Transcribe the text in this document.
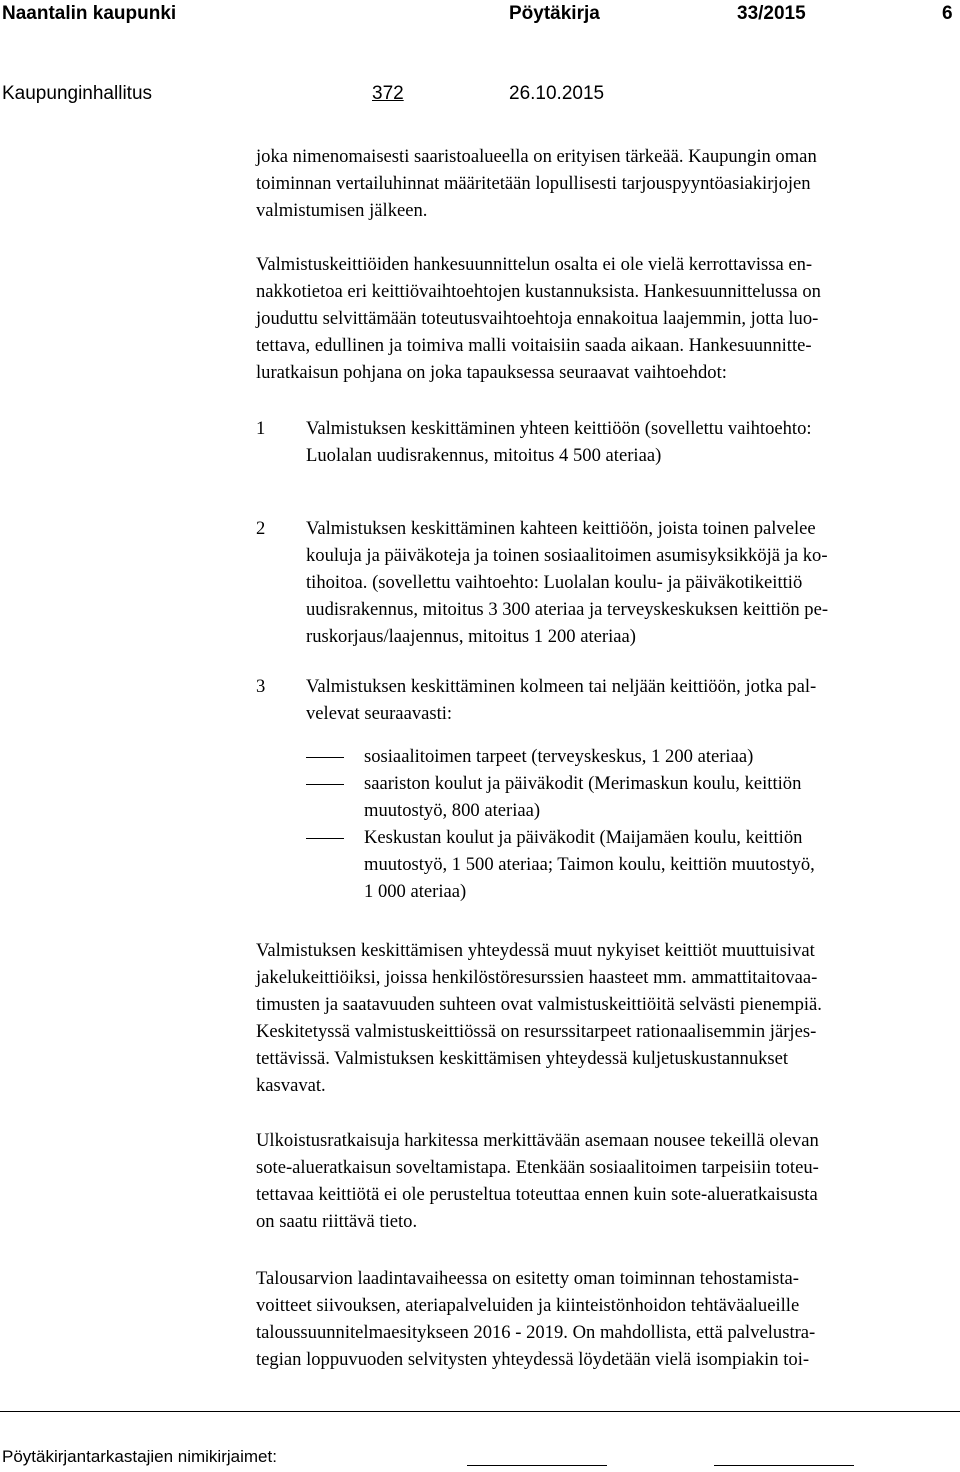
Naantalin kaupunki	Pöytäkirja	33/2015	6
Kaupunginhallitus	372	26.10.2015
joka nimenomaisesti saaristoalueella on erityisen tärkeää. Kaupungin oman
toiminnan vertailuhinnat määritetään lopullisesti tarjouspyyntöasiakirjojen
valmistumisen jälkeen.
Valmistuskeittiöiden hankesuunnittelun osalta ei ole vielä kerrottavissa en-
nakkotietoa eri keittiövaihtoehtojen kustannuksista. Hankesuunnittelussa on
jouduttu selvittämään toteutusvaihtoehtoja ennakoitua laajemmin, jotta luo-
tettava, edullinen ja toimiva malli voitaisiin saada aikaan. Hankesuunnitte-
luratkaisun pohjana on joka tapauksessa seuraavat vaihtoehdot:
1 Valmistuksen keskittäminen yhteen keittiöön (sovellettu vaihtoehto:
Luolalan uudisrakennus, mitoitus 4 500 ateriaa)
2 Valmistuksen keskittäminen kahteen keittiöön, joista toinen palvelee
kouluja ja päiväkoteja ja toinen sosiaalitoimen asumisyksikköjä ja ko-
tihoitoa. (sovellettu vaihtoehto: Luolalan koulu- ja päiväkotikeittiö
uudisrakennus, mitoitus 3 300 ateriaa ja terveyskeskuksen keittiön pe-
ruskorjaus/laajennus, mitoitus 1 200 ateriaa)
3 Valmistuksen keskittäminen kolmeen tai neljään keittiöön, jotka pal-
velevat seuraavasti:
sosiaalitoimen tarpeet (terveyskeskus, 1 200 ateriaa)
saariston koulut ja päiväkodit (Merimaskun koulu, keittiön
muutostyö, 800 ateriaa)
Keskustan koulut ja päiväkodit (Maijamäen koulu, keittiön
muutostyö, 1 500 ateriaa; Taimon koulu, keittiön muutostyö,
1 000 ateriaa)
Valmistuksen keskittämisen yhteydessä muut nykyiset keittiöt muuttuisivat
jakelukeittiöiksi, joissa henkilöstöresurssien haasteet mm. ammattitaitovaa-
timusten ja saatavuuden suhteen ovat valmistuskeittiöitä selvästi pienempiä.
Keskitetyssä valmistuskeittiössä on resurssitarpeet rationaalisemmin järjes-
tettävissä. Valmistuksen keskittämisen yhteydessä kuljetuskustannukset
kasvavat.
Ulkoistusratkaisuja harkitessa merkittävään asemaan nousee tekeillä olevan
sote-alueratkaisun soveltamistapa. Etenkään sosiaalitoimen tarpeisiin toteu-
tettavaa keittiötä ei ole perusteltua toteuttaa ennen kuin sote-alueratkaisusta
on saatu riittävä tieto.
Talousarvion laadintavaiheessa on esitetty oman toiminnan tehostamista-
voitteet siivouksen, ateriapalveluiden ja kiinteistönhoidon tehtäväalueille
taloussuunnitelmaesitykseen 2016 - 2019. On mahdollista, että palvelustra-
tegian loppuvuoden selvitysten yhteydessä löydetään vielä isompiakin toi-
Pöytäkirjantarkastajien nimikirjaimet:
